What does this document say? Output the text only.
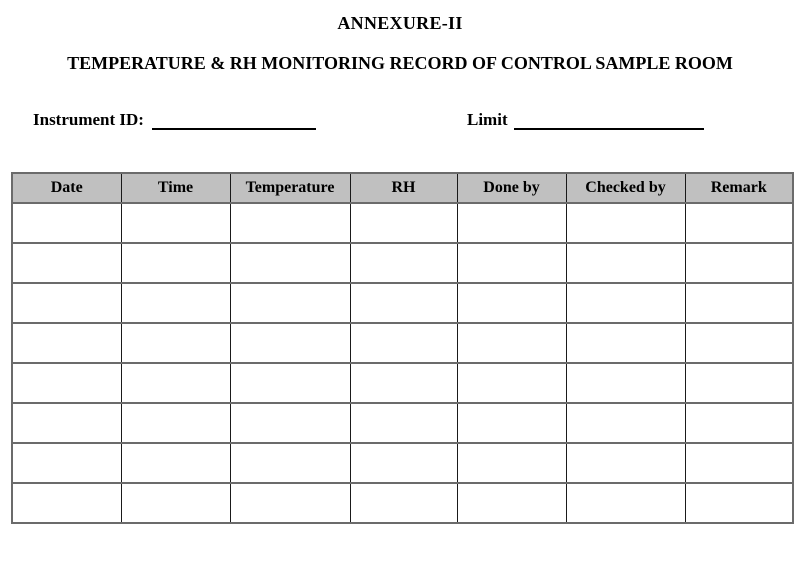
ANNEXURE-II
TEMPERATURE & RH MONITORING RECORD OF CONTROL SAMPLE ROOM
Instrument ID:	Limit
Date	Time	Temperature	RH	Done by	Checked by	Remark
